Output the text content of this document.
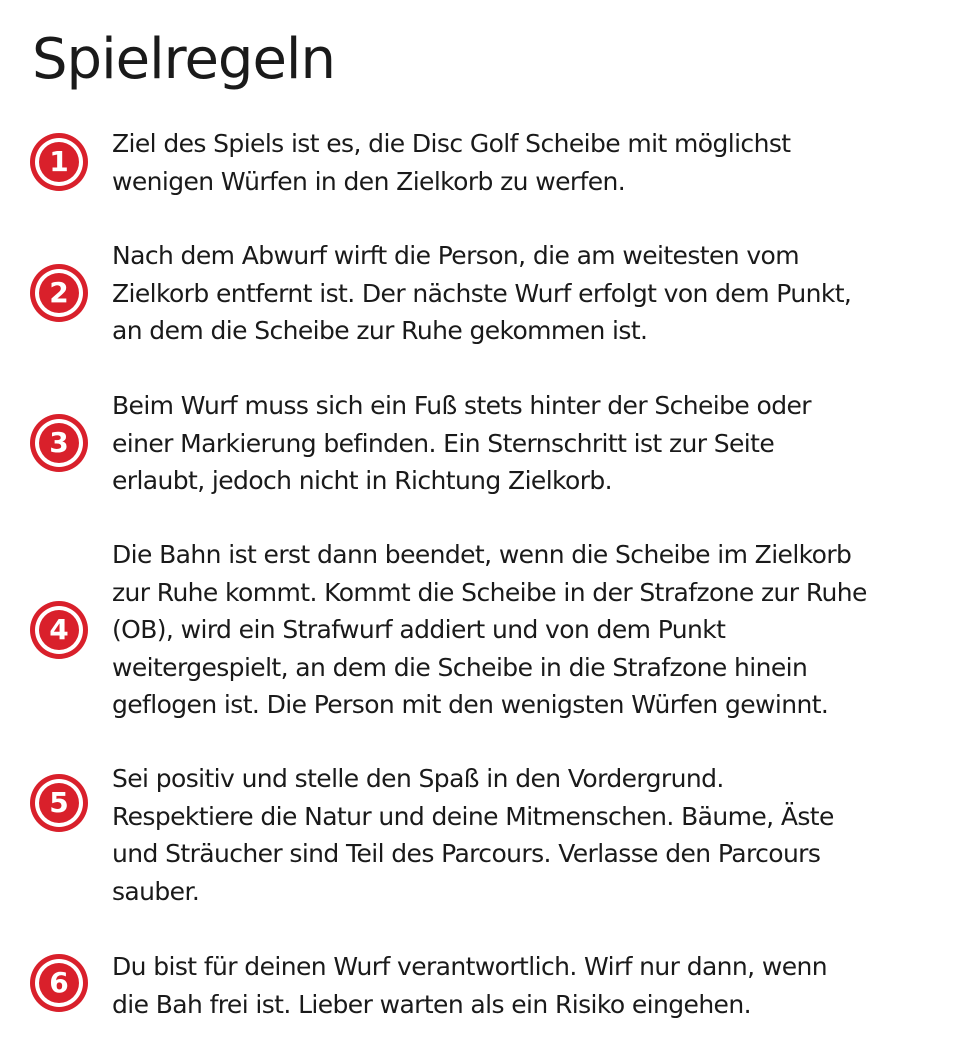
Spielregeln
1

Ziel des Spiels ist es, die Disc Golf Scheibe mit möglichst
wenigen Würfen in den Zielkorb zu werfen.

2

Nach dem Abwurf wirft die Person, die am weitesten vom
Zielkorb entfernt ist. Der nächste Wurf erfolgt von dem Punkt,
an dem die Scheibe zur Ruhe gekommen ist.

3

Beim Wurf muss sich ein Fuß stets hinter der Scheibe oder
einer Markierung befinden. Ein Sternschritt ist zur Seite
erlaubt, jedoch nicht in Richtung Zielkorb.

4

Die Bahn ist erst dann beendet, wenn die Scheibe im Zielkorb
zur Ruhe kommt. Kommt die Scheibe in der Strafzone zur Ruhe
(OB), wird ein Strafwurf addiert und von dem Punkt
weitergespielt, an dem die Scheibe in die Strafzone hinein
geflogen ist. Die Person mit den wenigsten Würfen gewinnt.

5

Sei positiv und stelle den Spaß in den Vordergrund.
Respektiere die Natur und deine Mitmenschen. Bäume, Äste
und Sträucher sind Teil des Parcours. Verlasse den Parcours
sauber.

6	Du bist für deinen Wurf verantwortlich. Wirf nur dann, wenn
die Bah frei ist. Lieber warten als ein Risiko eingehen.
